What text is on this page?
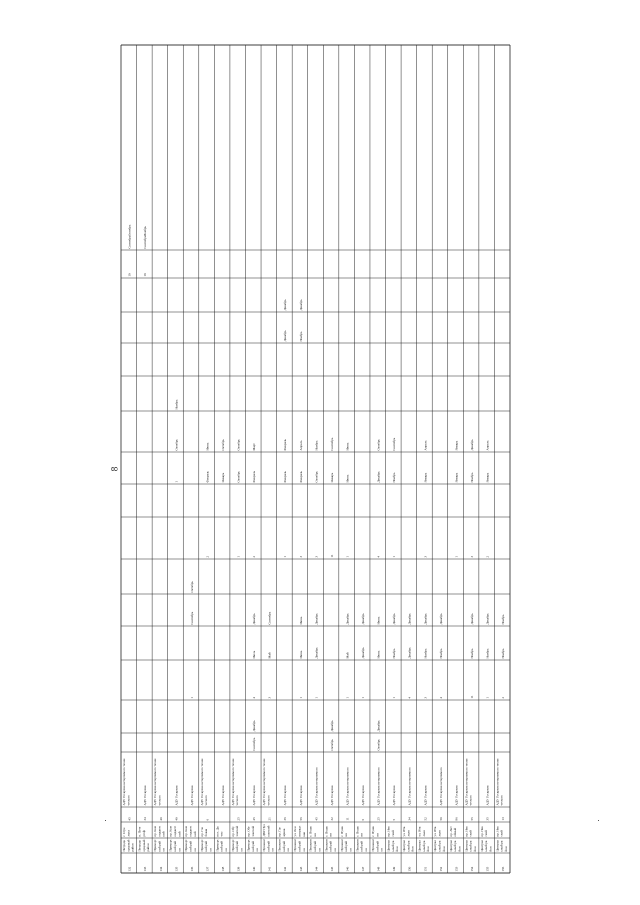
132
Петродв орцовый район
г. Стре льна
45
АДУ Госархив нетерпимого техни ческого
133
Петродв орцовый район
п. Пете ргоф
34
АДУ Госархив
134
Приморс кий рай он
пр. Ком ендантс кий
40
АДУ Госархив нетерпимого техни ческого
135
Приморс кий рай он
пр. Ком ендантс кий
40
АДУ Госархив
1
Октябрь
Ноябрь
136
Приморс кий рай он
пр. Ком ендантс кий
АДУ Госархив
1
Сентябрь
Октябрь
137
Приморс кий рай он
пр. Гле бовая
6
АДУ Госархив нетерпимого техни ческого
2
Февраль
Июнь
138
Приморс кий рай он
пос. Да чно
АДУ Госархив
Январь
Октябрь
139
Приморс кий рай он
пр. Обу ховской
25
АДУ Госархив нетерпимого техни ческого
1
Октябрь
Октябрь
140
Приморс кий рай он
пр. Обу ховской
45
АДУ Госархив
Сентябрь
Декабрь
4
Июль
Декабрь
2
Февраль
Март
141
Пушкинс кий рай он
ДВР Пул ковский
21
АДУ Госархив нетерпимого техни ческого
3
Май
Сентябрь
142
Пушкинс кий рай он
пр. Гаг арина
36
АДУ Госархив
1
Февраль
Февраль
Декабрь
Декабрь
143
Пушкинс кий рай он
ул. Лен инградс кая
56
АДУ Госархив
1
Июнь
Июнь
3
Февраль
Апрель
Ноябрь
Декабрь
144
Пушкинс кий рай он
г. Пушк ин
45
АДУ Госархив нетерпимого
1
Декабрь
Декабрь
3
Октябрь
Ноябрь
145
Пушкинс кий рай он
г. Пушк ин
32
АДУ Госархив
Октябрь
Декабрь
11
Январь
Сентябрь
146
Пушкинс кий рай он
г. Пушк ин
11
АДУ Госархив нетерпимого
1
Май
Декабрь
1
Июнь
Июнь
147
Пушкинс кий рай он
г. Пушк ин
6
АДУ Госархив
1
Декабрь
Декабрь
148
Пушкинс кий рай он
г. Пушк ин
25
АДУ Госархив нетерпимого
Октябрь
Декабрь
Июнь
Июнь
4
Декабрь
Октябрь
149
Централ ьный ра йон
пр. Нев ский
5
АДУ Госархив
1
Ноябрь
Декабрь
1
Ноябрь
Сентябрь
150
Централ ьный ра йон
ул. Ита льян
34
АДУ Госархив нетерпимого
4
Декабрь
Декабрь
151
Централ ьный ра йон
ул. Ита льян
52
АДУ Госархив
3
Ноябрь
Декабрь
3
Январь
Апрель
152
Централ ьный ра йон
ул. Ита льян
50
АДУ Госархив нетерпимого
4
Ноябрь
Декабрь
153
Централ ьный ра йон
пр. Лит ейный
86
АДУ Госархив
1
Январь
Январь
154
Централ ьный ра йон
пр. Нев ский
55
АДУ Госархив нетерпимого техни ческого
11
Ноябрь
Декабрь
3
Ноябрь
Декабрь
155
Централ ьный ра йон
пр. Нев ский
35
АДУ Госархив
1
Ноябрь
Декабрь
2
Январь
Апрель
156
Централ ьный ра йон
пр. Нев ский
13
АДУ Госархив нетерпимого техни ческого
2
Ноябрь
Ноябрь
19
Сентябрь
Октябрь
19
Сентябрь
Ноябрь
8
